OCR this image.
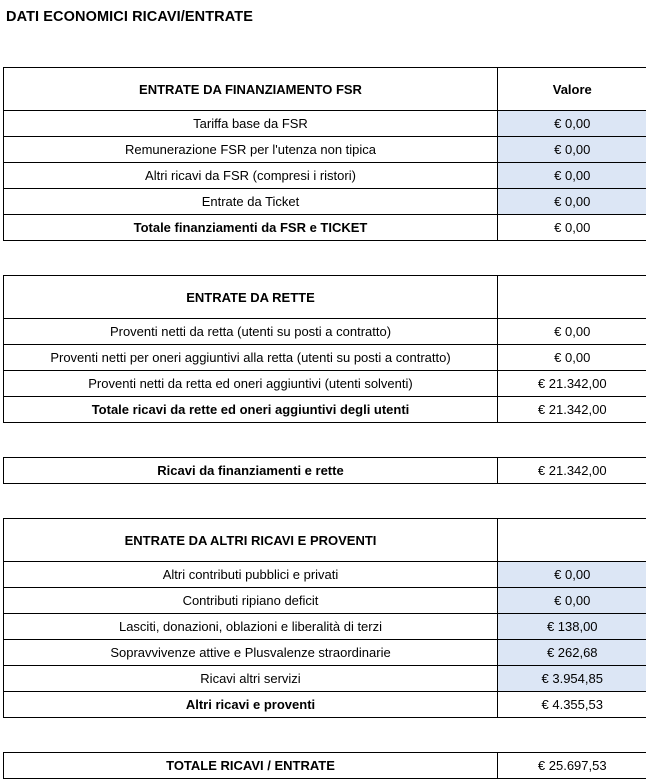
DATI ECONOMICI RICAVI/ENTRATE
ENTRATE DA FINANZIAMENTO FSR	Valore
Tariffa base da FSR	€ 0,00
Remunerazione FSR per l'utenza non tipica	€ 0,00
Altri ricavi da FSR (compresi i ristori)	€ 0,00
Entrate da Ticket	€ 0,00
Totale finanziamenti da FSR e TICKET	€ 0,00
ENTRATE DA RETTE	
Proventi netti da retta (utenti su posti a contratto)	€ 0,00
Proventi netti per oneri aggiuntivi alla retta (utenti su posti a contratto)	€ 0,00
Proventi netti da retta ed oneri aggiuntivi (utenti solventi)	€ 21.342,00
Totale ricavi da rette ed oneri aggiuntivi degli utenti	€ 21.342,00
Ricavi da finanziamenti e rette	€ 21.342,00
ENTRATE DA ALTRI RICAVI E PROVENTI	
Altri contributi pubblici e privati	€ 0,00
Contributi ripiano deficit	€ 0,00
Lasciti, donazioni, oblazioni e liberalità di terzi	€ 138,00
Sopravvivenze attive e Plusvalenze straordinarie	€ 262,68
Ricavi altri servizi	€ 3.954,85
Altri ricavi e proventi	€ 4.355,53
TOTALE RICAVI / ENTRATE	€ 25.697,53
